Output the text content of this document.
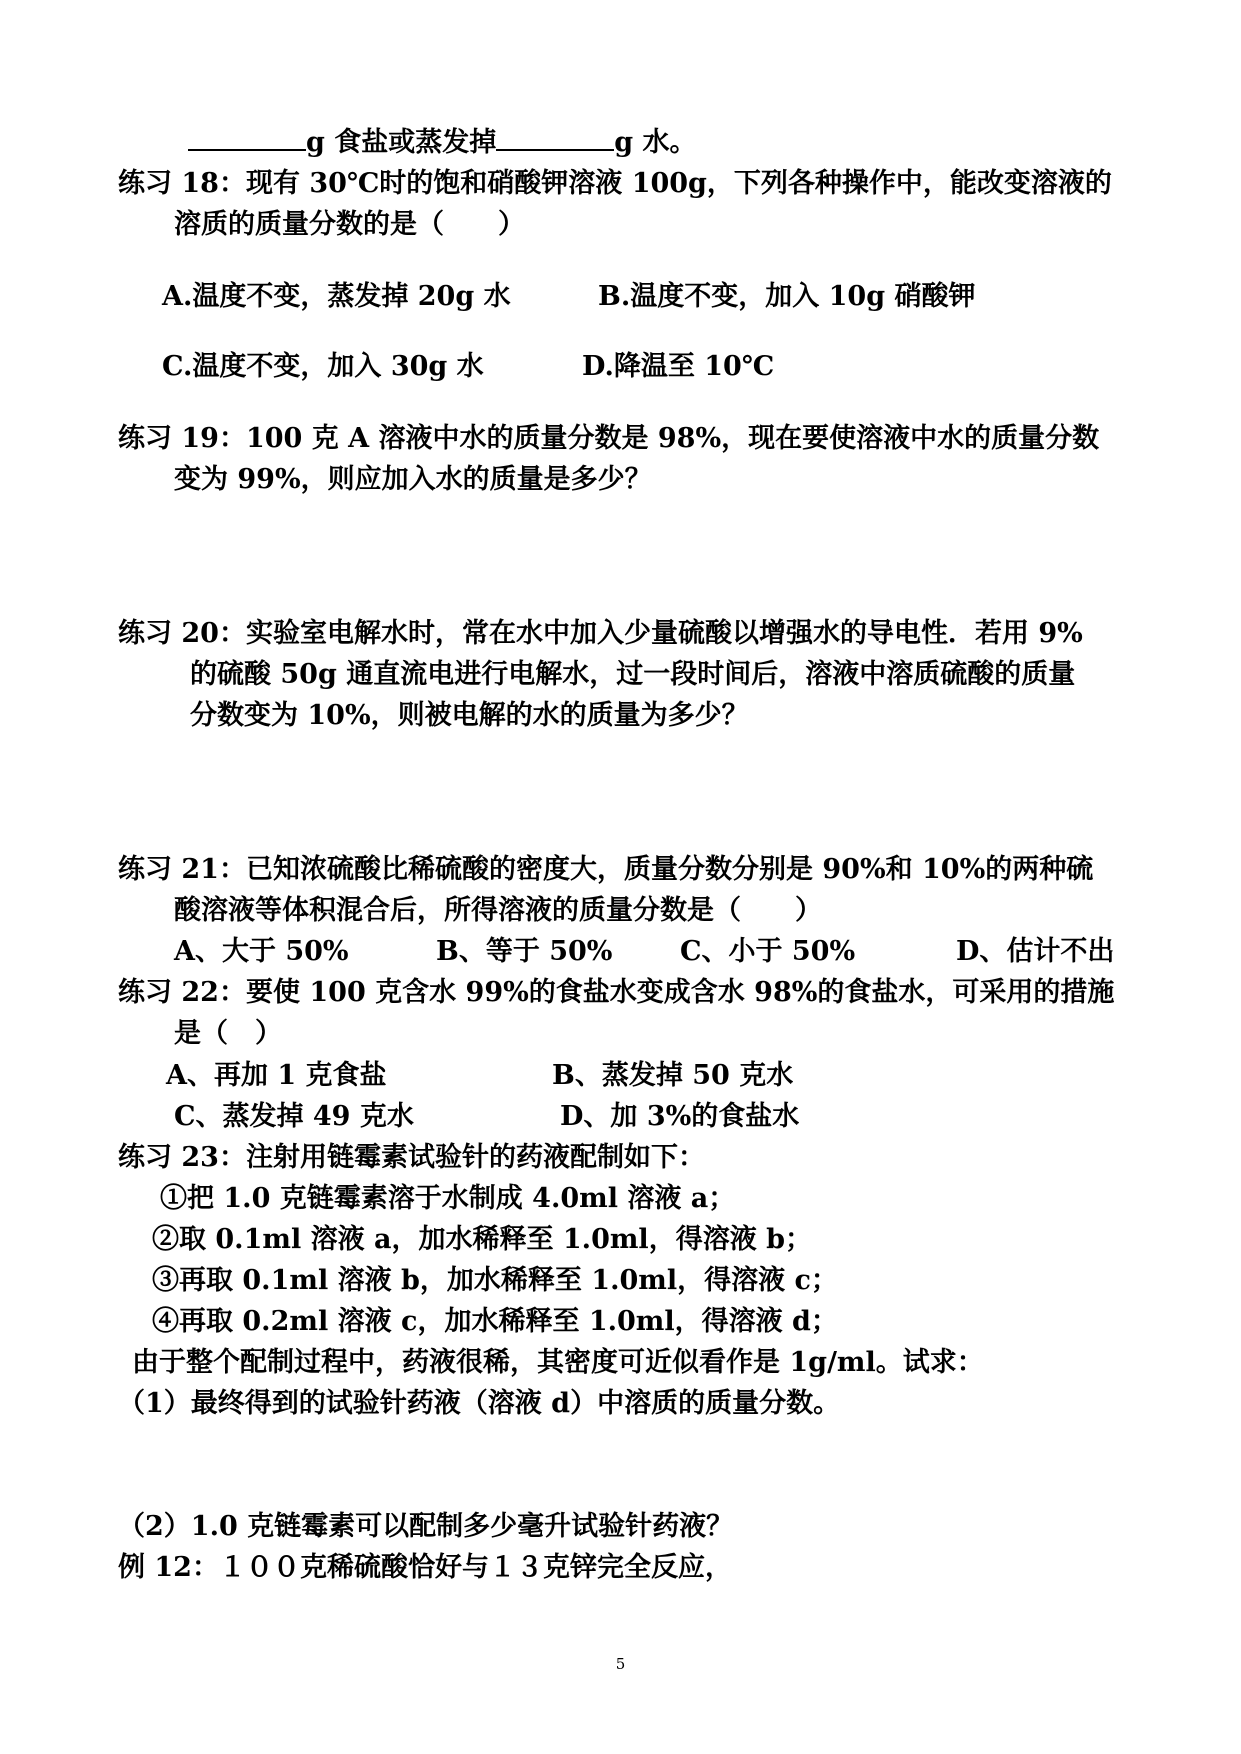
g 食盐或蒸发掉	g 水。
练习 18：现有 30℃时的饱和硝酸钾溶液 100g，下列各种操作中，能改变溶液的
溶质的质量分数的是（　　）
A.温度不变，蒸发掉 20g 水	B.温度不变，加入 10g 硝酸钾
C.温度不变，加入 30g 水	D.降温至 10℃
练习 19：100 克 A 溶液中水的质量分数是 98%，现在要使溶液中水的质量分数
变为 99%，则应加入水的质量是多少？
练习 20：实验室电解水时，常在水中加入少量硫酸以增强水的导电性．若用 9%
的硫酸 50g 通直流电进行电解水，过一段时间后，溶液中溶质硫酸的质量
分数变为 10%，则被电解的水的质量为多少？
练习 21：已知浓硫酸比稀硫酸的密度大，质量分数分别是 90%和 10%的两种硫
酸溶液等体积混合后，所得溶液的质量分数是（　　）
A、大于 50%	B、等于 50%	C、小于 50%	D、估计不出
练习 22：要使 100 克含水 99%的食盐水变成含水 98%的食盐水，可采用的措施
是（　）
A、再加 1 克食盐	B、蒸发掉 50 克水
C、蒸发掉 49 克水	D、加 3%的食盐水
练习 23：注射用链霉素试验针的药液配制如下：
①把 1.0 克链霉素溶于水制成 4.0ml 溶液 a；
②取 0.1ml 溶液 a，加水稀释至 1.0ml，得溶液 b；
③再取 0.1ml 溶液 b，加水稀释至 1.0ml，得溶液 c；
④再取 0.2ml 溶液 c，加水稀释至 1.0ml，得溶液 d；
由于整个配制过程中，药液很稀，其密度可近似看作是 1g/ml。试求：
（1）最终得到的试验针药液（溶液 d）中溶质的质量分数。
（2）1.0 克链霉素可以配制多少毫升试验针药液？
例 12：１００克稀硫酸恰好与１３克锌完全反应，
5
